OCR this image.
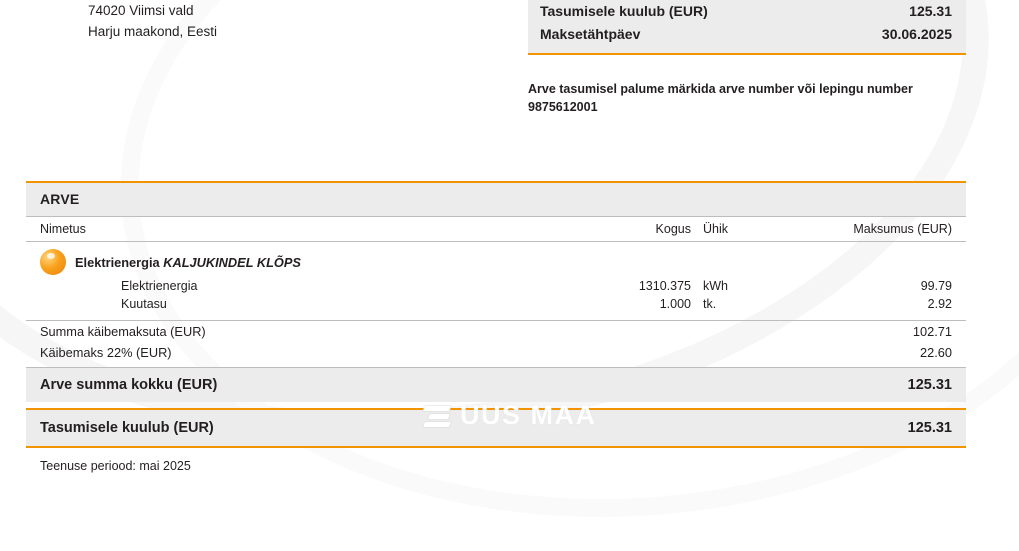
74020 Viimsi vald
Harju maakond, Eesti
Tasumisele kuulub (EUR)	125.31
Maksetähtpäev	30.06.2025
Arve tasumisel palume märkida arve number või lepingu number 9875612001
ARVE
Nimetus	Kogus Ühik	Maksumus (EUR)
Elektrienergia KALJUKINDEL KLÕPS
Elektrienergia	1310.375 kWh	99.79
Kuutasu	1.000 tk.	2.92
Summa käibemaksuta (EUR)	102.71
Käibemaks 22% (EUR)	22.60
Arve summa kokku (EUR)	125.31
Tasumisele kuulub (EUR)	125.31
Teenuse periood: mai 2025
UUS MAA
